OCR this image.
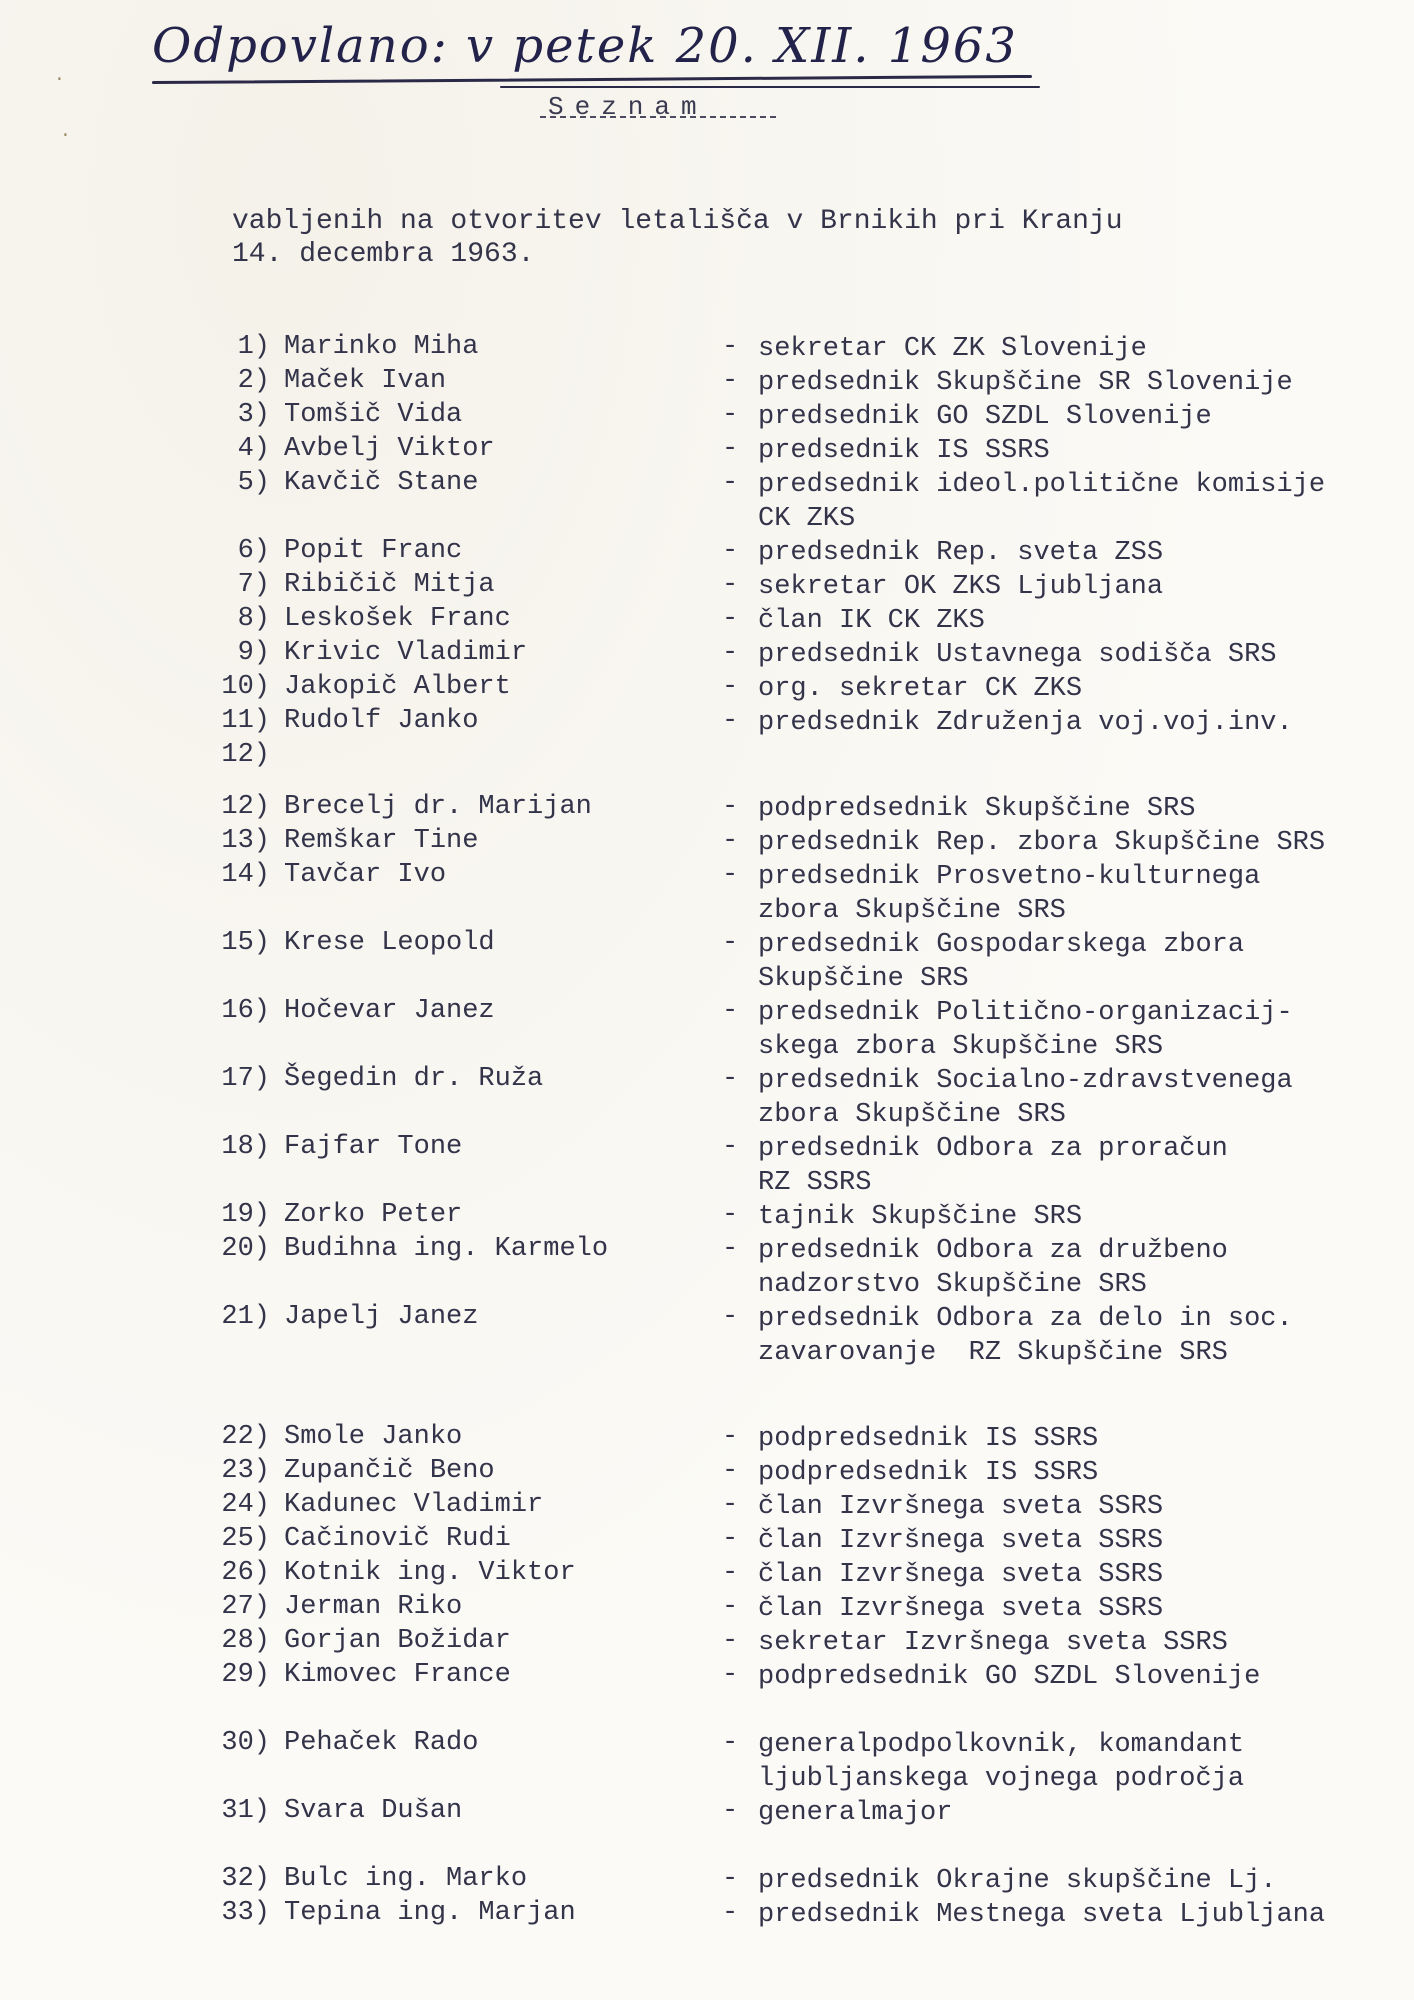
Odpovlano: v petek 20. XII. 1963
·
·
Seznam
vabljenih na otvoritev letališča v Brnikih pri Kranju
14. decembra 1963.
1) Marinko Miha	- sekretar CK ZK Slovenije
2) Maček Ivan	- predsednik Skupščine SR Slovenije
3) Tomšič Vida	- predsednik GO SZDL Slovenije
4) Avbelj Viktor	- predsednik IS SSRS
5) Kavčič Stane	- predsednik ideol.politične komisije
CK ZKS
6) Popit Franc	- predsednik Rep. sveta ZSS
7) Ribičič Mitja	- sekretar OK ZKS Ljubljana
8) Leskošek Franc	- član IK CK ZKS
9) Krivic Vladimir	- predsednik Ustavnega sodišča SRS
10) Jakopič Albert	- org. sekretar CK ZKS
11) Rudolf Janko	- predsednik Združenja voj.voj.inv.
12)
12) Brecelj dr. Marijan	- podpredsednik Skupščine SRS
13) Remškar Tine	- predsednik Rep. zbora Skupščine SRS
14) Tavčar Ivo	- predsednik Prosvetno-kulturnega
zbora Skupščine SRS
15) Krese Leopold	- predsednik Gospodarskega zbora
Skupščine SRS
16) Hočevar Janez	- predsednik Politično-organizacij-
skega zbora Skupščine SRS
17) Šegedin dr. Ruža	- predsednik Socialno-zdravstvenega
zbora Skupščine SRS
18) Fajfar Tone	- predsednik Odbora za proračun
RZ SSRS
19) Zorko Peter	- tajnik Skupščine SRS
20) Budihna ing. Karmelo	- predsednik Odbora za družbeno
nadzorstvo Skupščine SRS
21) Japelj Janez	- predsednik Odbora za delo in soc.
zavarovanje  RZ Skupščine SRS
22) Smole Janko	- podpredsednik IS SSRS
23) Zupančič Beno	- podpredsednik IS SSRS
24) Kadunec Vladimir	- član Izvršnega sveta SSRS
25) Cačinovič Rudi	- član Izvršnega sveta SSRS
26) Kotnik ing. Viktor	- član Izvršnega sveta SSRS
27) Jerman Riko	- član Izvršnega sveta SSRS
28) Gorjan Božidar	- sekretar Izvršnega sveta SSRS
29) Kimovec France	- podpredsednik GO SZDL Slovenije
30) Pehaček Rado	- generalpodpolkovnik, komandant
ljubljanskega vojnega področja
31) Svara Dušan	- generalmajor
32) Bulc ing. Marko	- predsednik Okrajne skupščine Lj.
33) Tepina ing. Marjan	- predsednik Mestnega sveta Ljubljana
